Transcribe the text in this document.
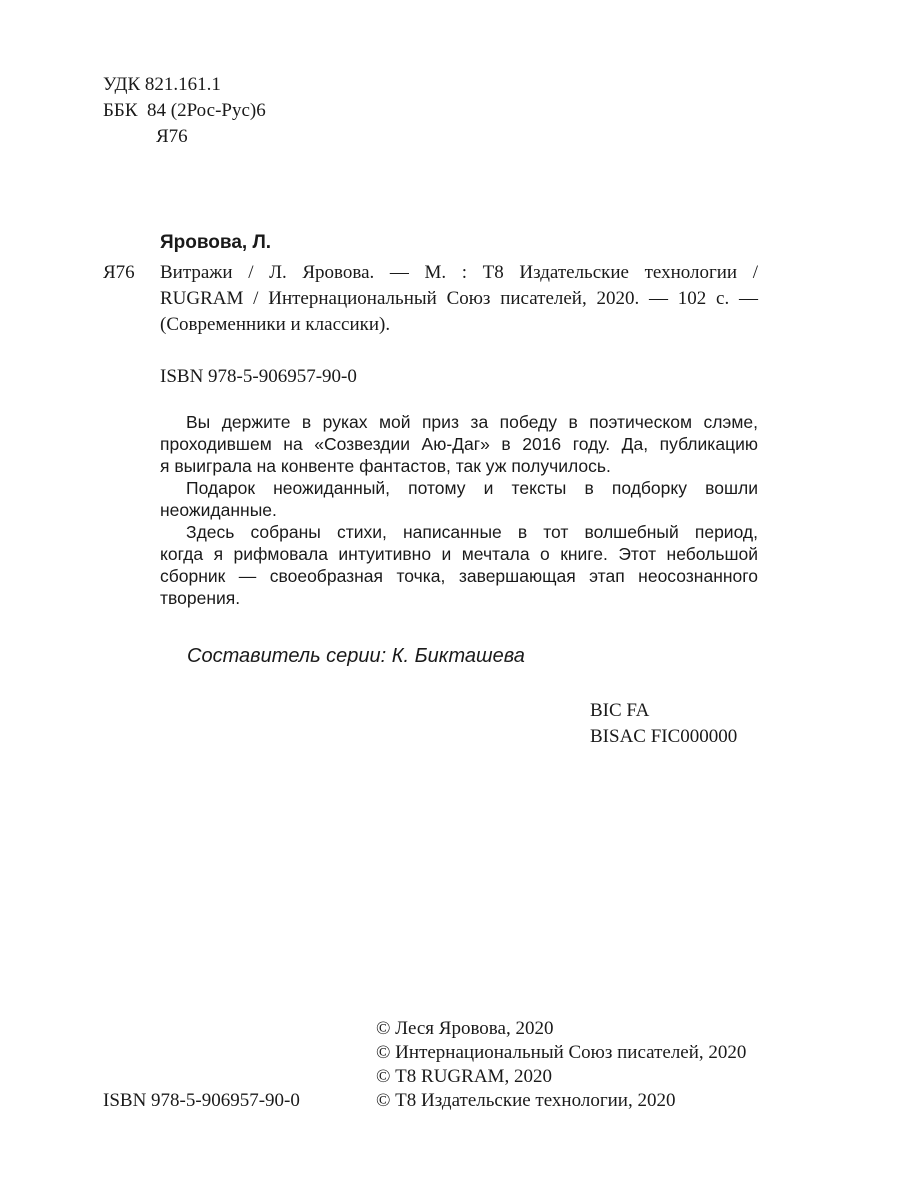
УДК 821.161.1
ББК  84 (2Рос-Рус)6
Я76
Яровова, Л.
Я76 Витражи / Л. Яровова. — М. : Т8 Издательские технологии /
RUGRAM / Интернациональный Союз писателей, 2020. — 102 с. —
(Современники и классики).
ISBN 978-5-906957-90-0
Вы держите в руках мой приз за победу в поэтическом слэме,
проходившем на «Созвездии Аю-Даг» в 2016 году. Да, публикацию
я выиграла на конвенте фантастов, так уж получилось.
Подарок неожиданный, потому и тексты в подборку вошли
неожиданные.
Здесь собраны стихи, написанные в тот волшебный период,
когда я рифмовала интуитивно и мечтала о книге. Этот небольшой
сборник — своеобразная точка, завершающая этап неосознанного
творения.
Составитель серии: К. Бикташева
BIC FA
BISAC FIC000000
ISBN 978-5-906957-90-0
© Леся Яровова, 2020
© Интернациональный Союз писателей, 2020
© Т8 RUGRAM, 2020
© Т8 Издательские технологии, 2020
